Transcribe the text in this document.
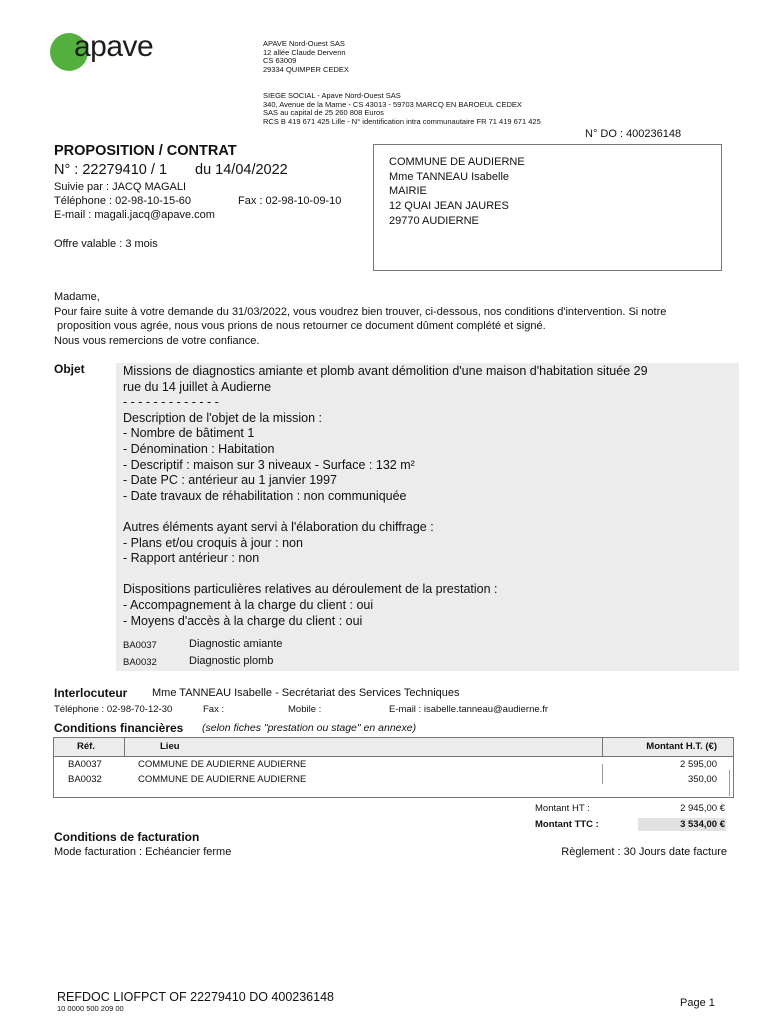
apave	APAVE Nord-Ouest SAS
12 allée Claude Dervenn
CS 63009
29334 QUIMPER CEDEX
SIEGE SOCIAL - Apave Nord-Ouest SAS
340, Avenue de la Marne - CS 43013 - 59703 MARCQ EN BAROEUL CEDEX
SAS au capital de 25 260 808 Euros
RCS B 419 671 425 Lille - N° identification intra communautaire FR 71 419 671 425
N° DO : 400236148
PROPOSITION / CONTRAT
N° : 22279410 / 1 du 14/04/2022
Suivie par : JACQ MAGALI
Téléphone : 02-98-10-15-60	Fax : 02-98-10-09-10
E-mail : magali.jacq@apave.com
Offre valable : 3 mois
COMMUNE DE AUDIERNE
Mme TANNEAU Isabelle
MAIRIE
12 QUAI JEAN JAURES
29770 AUDIERNE
Madame,
Pour faire suite à votre demande du 31/03/2022, vous voudrez bien trouver, ci-dessous, nos conditions d'intervention. Si notre
proposition vous agrée, nous vous prions de nous retourner ce document dûment complété et signé.
Nous vous remercions de votre confiance.
Objet	Missions de diagnostics amiante et plomb avant démolition d'une maison d'habitation située 29
rue du 14 juillet à Audierne
- - - - - - - - - - - - -
Description de l'objet de la mission :
- Nombre de bâtiment 1
- Dénomination : Habitation
- Descriptif : maison sur 3 niveaux - Surface : 132 m²
- Date PC : antérieur au 1 janvier 1997
- Date travaux de réhabilitation : non communiquée
Autres éléments ayant servi à l'élaboration du chiffrage :
- Plans et/ou croquis à jour : non
- Rapport antérieur : non
Dispositions particulières relatives au déroulement de la prestation :
- Accompagnement à la charge du client : oui
- Moyens d'accès à la charge du client : oui
BA0037	Diagnostic amiante
BA0032	Diagnostic plomb
Interlocuteur Mme TANNEAU Isabelle - Secrétariat des Services Techniques
Téléphone : 02-98-70-12-30	Fax :	Mobile :	E-mail : isabelle.tanneau@audierne.fr
Conditions financières (selon fiches "prestation ou stage" en annexe)
Réf.	Lieu	Montant H.T. (€)
BA0037	COMMUNE DE AUDIERNE AUDIERNE	2 595,00
BA0032	COMMUNE DE AUDIERNE AUDIERNE	350,00
Montant HT :	2 945,00 €
Montant TTC :	3 534,00 €
Conditions de facturation
Mode facturation : Echéancier ferme	Règlement : 30 Jours date facture
REFDOC LIOFPCT OF 22279410 DO 400236148
10 0000 500 209 00	Page 1
